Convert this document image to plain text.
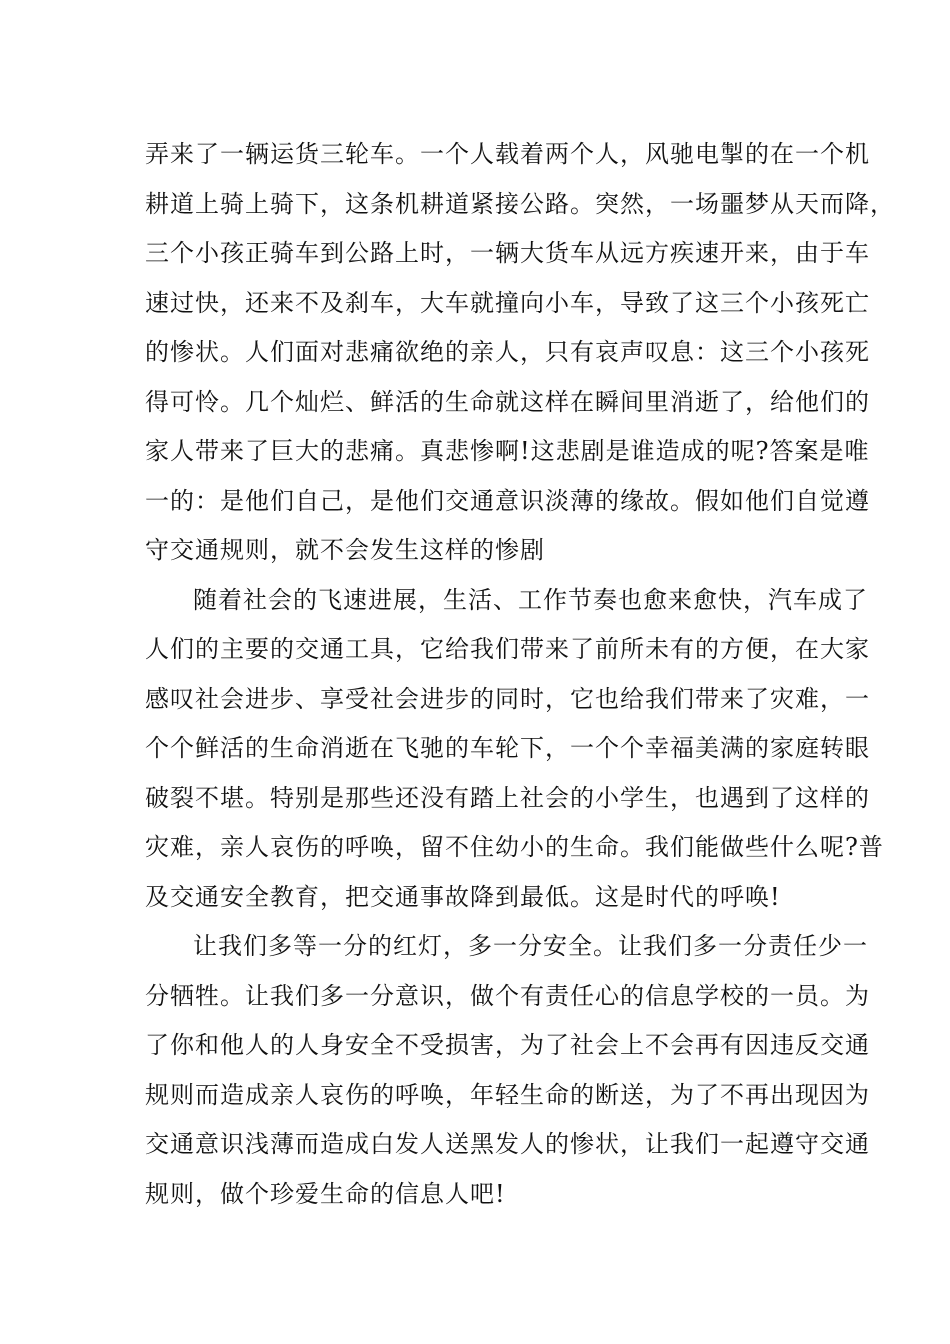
弄来了一辆运货三轮车。一个人载着两个人，风驰电掣的在一个机
耕道上骑上骑下，这条机耕道紧接公路。突然，一场噩梦从天而降，
三个小孩正骑车到公路上时，一辆大货车从远方疾速开来，由于车
速过快，还来不及刹车，大车就撞向小车，导致了这三个小孩死亡
的惨状。人们面对悲痛欲绝的亲人，只有哀声叹息：这三个小孩死
得可怜。几个灿烂、鲜活的生命就这样在瞬间里消逝了，给他们的
家人带来了巨大的悲痛。真悲惨啊!这悲剧是谁造成的呢?答案是唯
一的：是他们自己，是他们交通意识淡薄的缘故。假如他们自觉遵
守交通规则，就不会发生这样的惨剧
随着社会的飞速进展，生活、工作节奏也愈来愈快，汽车成了
人们的主要的交通工具，它给我们带来了前所未有的方便，在大家
感叹社会进步、享受社会进步的同时，它也给我们带来了灾难，一
个个鲜活的生命消逝在飞驰的车轮下，一个个幸福美满的家庭转眼
破裂不堪。特别是那些还没有踏上社会的小学生，也遇到了这样的
灾难，亲人哀伤的呼唤，留不住幼小的生命。我们能做些什么呢?普
及交通安全教育，把交通事故降到最低。这是时代的呼唤!
让我们多等一分的红灯，多一分安全。让我们多一分责任少一
分牺牲。让我们多一分意识，做个有责任心的信息学校的一员。为
了你和他人的人身安全不受损害，为了社会上不会再有因违反交通
规则而造成亲人哀伤的呼唤，年轻生命的断送，为了不再出现因为
交通意识浅薄而造成白发人送黑发人的惨状，让我们一起遵守交通
规则，做个珍爱生命的信息人吧!
